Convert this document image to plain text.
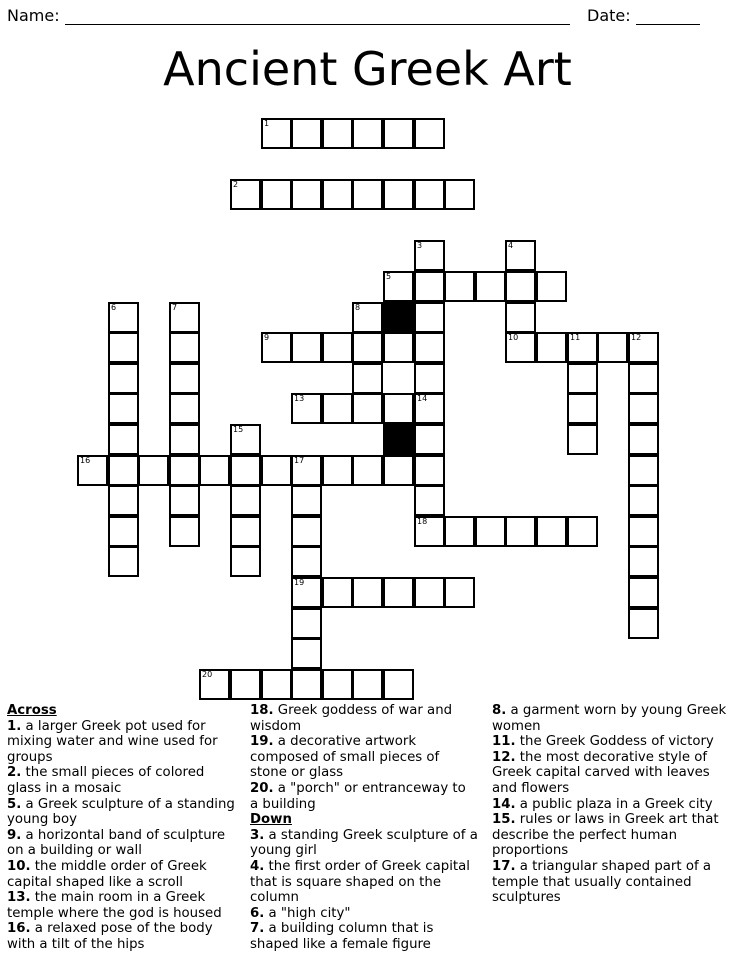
Name:	Date:
Ancient Greek Art
1
2
5
9	10	11	12
13	14
16	17
18
19
20
3	4
6	7	8
15
Across
1. a larger Greek pot used for mixing water and wine used for groups
2. the small pieces of colored glass in a mosaic
5. a Greek sculpture of a standing young boy
9. a horizontal band of sculpture on a building or wall
10. the middle order of Greek capital shaped like a scroll
13. the main room in a Greek temple where the god is housed
16. a relaxed pose of the body with a tilt of the hips
18. Greek goddess of war and wisdom
19. a decorative artwork composed of small pieces of stone or glass
20. a "porch" or entranceway to a building
Down
3. a standing Greek sculpture of a young girl
4. the first order of Greek capital that is square shaped on the column
6. a "high city"
7. a building column that is shaped like a female figure
8. a garment worn by young Greek women
11. the Greek Goddess of victory
12. the most decorative style of Greek capital carved with leaves and flowers
14. a public plaza in a Greek city
15. rules or laws in Greek art that describe the perfect human proportions
17. a triangular shaped part of a temple that usually contained sculptures
